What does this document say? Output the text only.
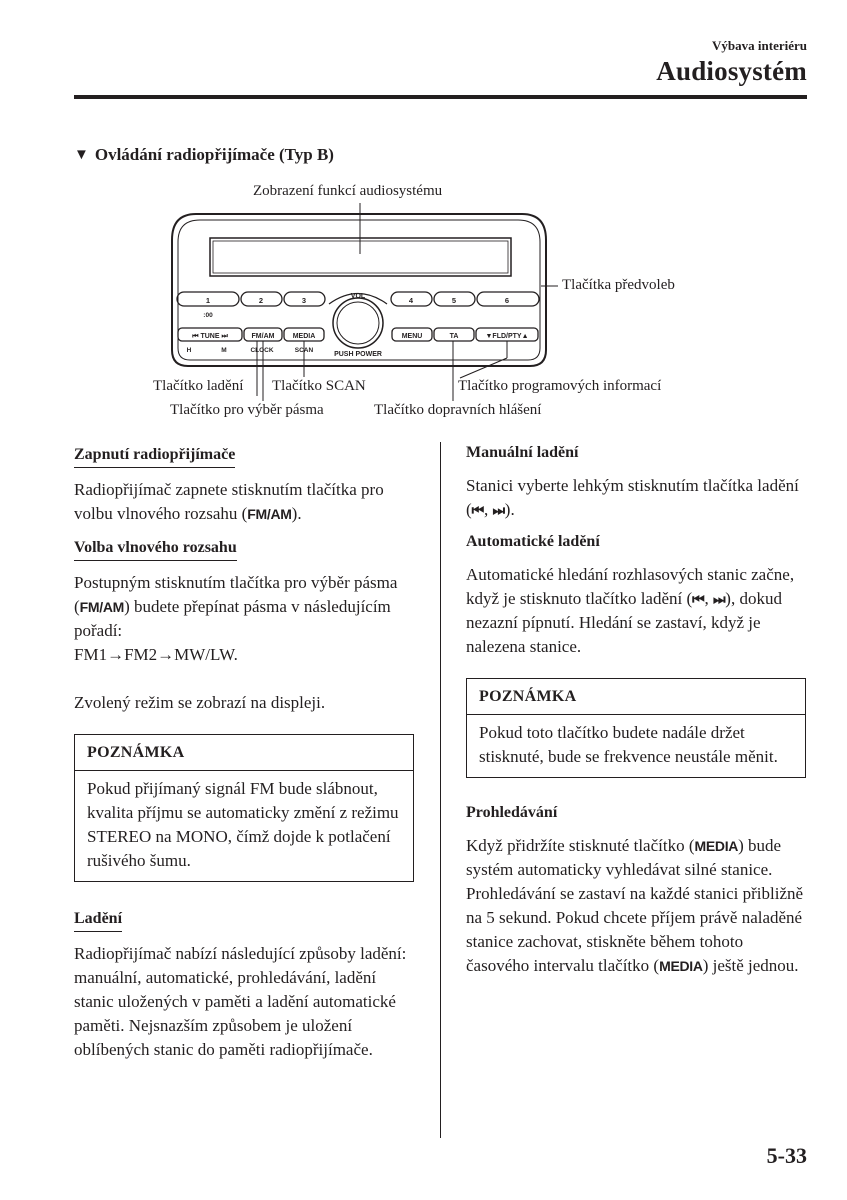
Výbava interiéru
Audiosystém
▼ Ovládání radiopřijímače (Typ B)
VOL
PUSH POWER
1	2	3	4	5	6
:00
⏮ TUNE ⏭
H	M
FM/AM
CLOCK
MEDIA
SCAN
MENU	TA	▼FLD/PTY▲
Zobrazení funkcí audiosystému
Tlačítka předvoleb
Tlačítko ladění Tlačítko SCAN	Tlačítko programových informací
Tlačítko pro výběr pásma	Tlačítko dopravních hlášení
Zapnutí radiopřijímače
Radiopřijímač zapnete stisknutím tlačítka pro volbu vlnového rozsahu (FM/AM).
Volba vlnového rozsahu
Postupným stisknutím tlačítka pro výběr pásma (FM/AM) budete přepínat pásma v následujícím pořadí:
FM1→FM2→MW/LW.
Zvolený režim se zobrazí na displeji.
POZNÁMKA
Pokud přijímaný signál FM bude slábnout, kvalita příjmu se automaticky změní z režimu STEREO na MONO, čímž dojde k potlačení rušivého šumu.
Ladění
Radiopřijímač nabízí následující způsoby ladění: manuální, automatické, prohledávání, ladění stanic uložených v paměti a ladění automatické paměti. Nejsnazším způsobem je uložení oblíbených stanic do paměti radiopřijímače.
Manuální ladění
Stanici vyberte lehkým stisknutím tlačítka ladění (⏮, ⏭).
Automatické ladění
Automatické hledání rozhlasových stanic začne, když je stisknuto tlačítko ladění (⏮, ⏭), dokud nezazní pípnutí. Hledání se zastaví, když je nalezena stanice.
POZNÁMKA
Pokud toto tlačítko budete nadále držet stisknuté, bude se frekvence neustále měnit.
Prohledávání
Když přidržíte stisknuté tlačítko (MEDIA) bude systém automaticky vyhledávat silné stanice. Prohledávání se zastaví na každé stanici přibližně na 5 sekund. Pokud chcete příjem právě naladěné stanice zachovat, stiskněte během tohoto časového intervalu tlačítko (MEDIA) ještě jednou.
5-33
